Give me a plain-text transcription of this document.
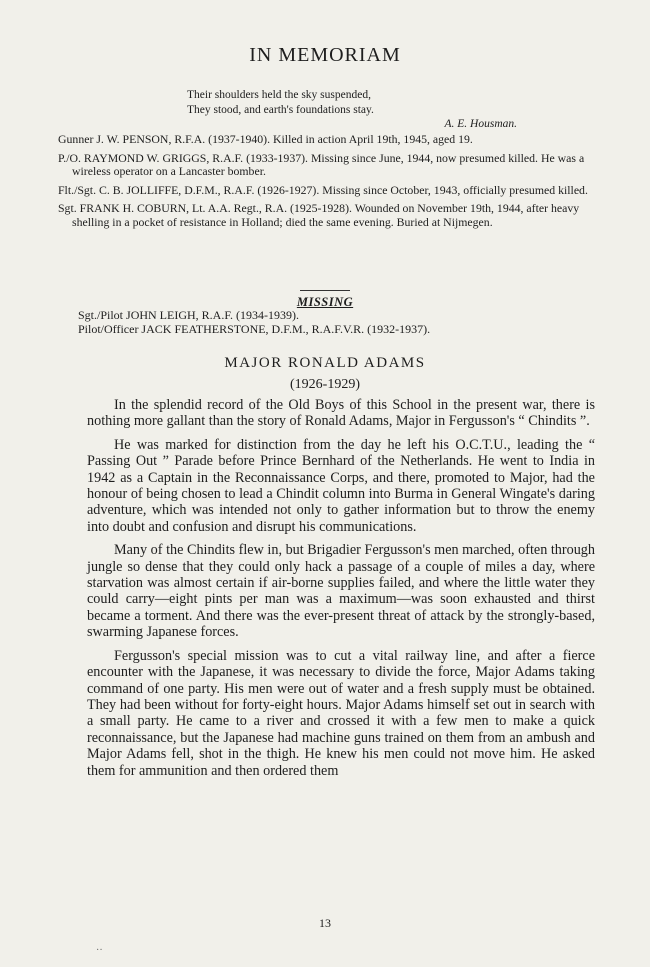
IN MEMORIAM
Their shoulders held the sky suspended,
They stood, and earth's foundations stay.
A. E. Housman.
Gunner J. W. PENSON, R.F.A. (1937-1940). Killed in action April 19th, 1945, aged 19.
P./O. RAYMOND W. GRIGGS, R.A.F. (1933-1937). Missing since June, 1944, now presumed killed. He was a wireless operator on a Lancaster bomber.
Flt./Sgt. C. B. JOLLIFFE, D.F.M., R.A.F. (1926-1927). Missing since October, 1943, officially presumed killed.
Sgt. FRANK H. COBURN, Lt. A.A. Regt., R.A. (1925-1928). Wounded on November 19th, 1944, after heavy shelling in a pocket of resistance in Holland; died the same evening. Buried at Nijmegen.
MISSING
Sgt./Pilot JOHN LEIGH, R.A.F. (1934-1939).
Pilot/Officer JACK FEATHERSTONE, D.F.M., R.A.F.V.R. (1932-1937).
MAJOR RONALD ADAMS
(1926-1929)

In the splendid record of the Old Boys of this School in the present war, there is nothing more gallant than the story of Ronald Adams, Major in Fergusson's “ Chindits ”.

He was marked for distinction from the day he left his O.C.T.U., leading the “ Passing Out ” Parade before Prince Bernhard of the Netherlands. He went to India in 1942 as a Captain in the Reconnaissance Corps, and there, promoted to Major, had the honour of being chosen to lead a Chindit column into Burma in General Wingate's daring adventure, which was intended not only to gather information but to throw the enemy into doubt and confusion and disrupt his communications.

Many of the Chindits flew in, but Brigadier Fergusson's men marched, often through jungle so dense that they could only hack a passage of a couple of miles a day, where starvation was almost certain if air-borne supplies failed, and where the little water they could carry—eight pints per man was a maximum—was soon exhausted and thirst became a torment. And there was the ever-present threat of attack by the strongly-based, swarming Japanese forces.

Fergusson's special mission was to cut a vital railway line, and after a fierce encounter with the Japanese, it was necessary to divide the force, Major Adams taking command of one party. His men were out of water and a fresh supply must be obtained. They had been without for forty-eight hours. Major Adams himself set out in search with a small party. He came to a river and crossed it with a few men to make a quick reconnaissance, but the Japanese had machine guns trained on them from an ambush and Major Adams fell, shot in the thigh. He knew his men could not move him. He asked them for ammunition and then ordered them

13
··
